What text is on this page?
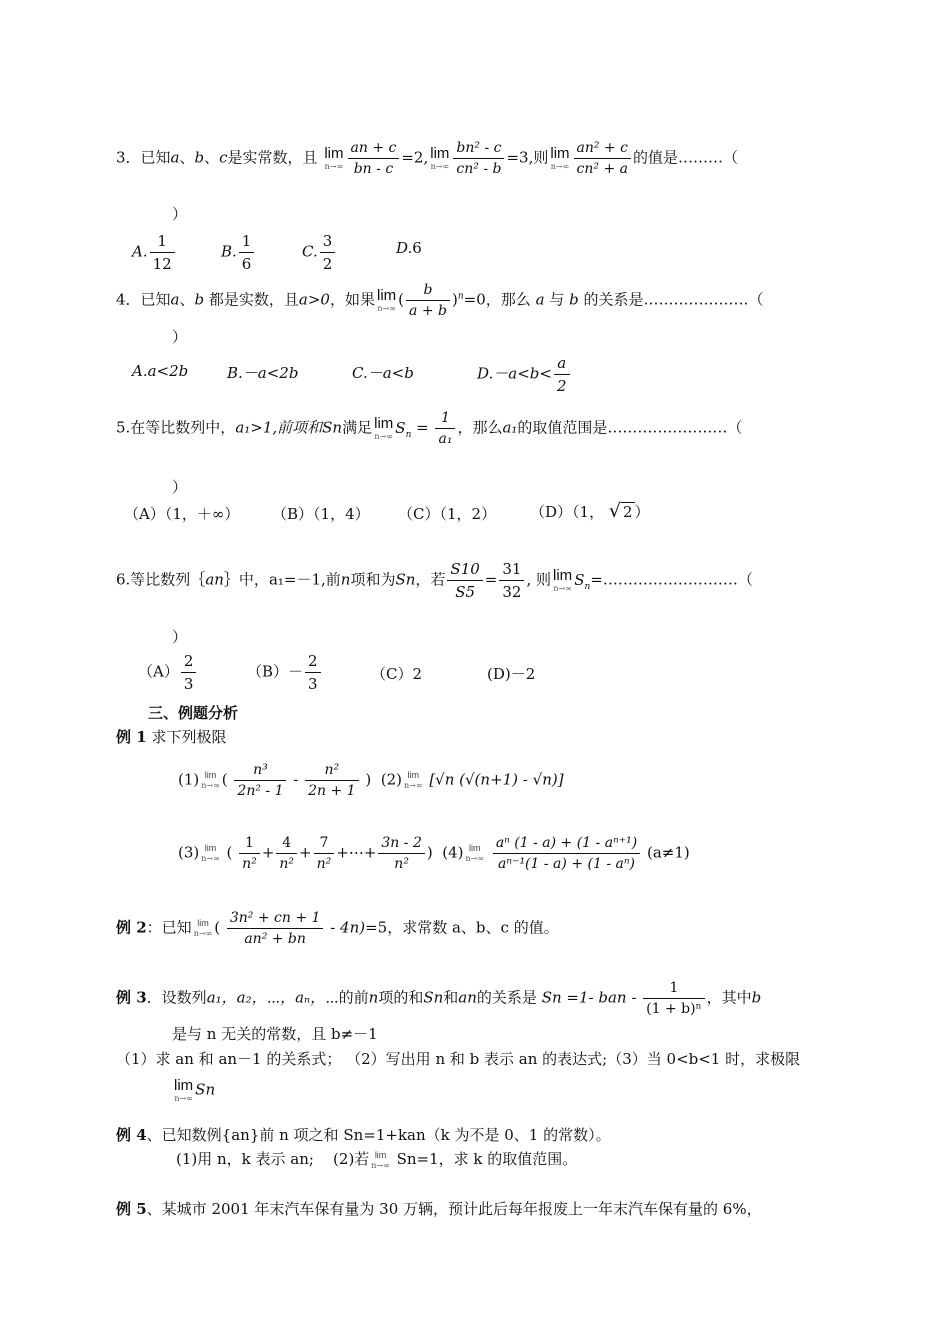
3．已知a、b、c是实常数，且 lim
$n\to\infty \frac{an + c}{bn - c} =2$, lim
$n\to\infty \frac{\text{bn² - c}}{\text{cn² - b}} =3$,则 lim
$n\to\infty \frac{\text{an² + c}}{\text{cn² + a}}$ 的值是………（
）
A. $\frac{1}{12}$	B. $\frac{1}{6}$	C. $\frac{3}{2}$	D.6
4．已知a、b 都是实数，且a>0，如果 lim
n→∞ ( $\frac{b}{a + b} )^n=0$，那么 a 与 b 的关系是…………………（
）
A.a<2b	B.－a<2b	C.－a<b	$D.-a<b< \frac{a}{2}$
5.在等比数列中，a₁>1,前项和Sn满足 lim
n→∞ $S_n = \frac{1}{\text{a₁}}$ ，那么a₁的取值范围是……………………（
）
（A）（1，＋∞） （B）（1，4） （C）（1，2） （D）（1， √ 2 ）
6.等比数列｛an｝中，a₁=－1,前n项和为Sn，若 $\frac{S10}{S5} = \frac{31}{32}$ , 则 lim
n→∞ $S_n=\dots\dots\dots\dots\dots\dots\dots\dots\dots$（
）
$(A) \frac{2}{3}$	$(B)- \frac{2}{3}$	（C）2	(D)－2
三、例题分析
例 1 求下列极限
(1) lim
n→∞ ( $\frac{\text{n³}}{\text{2n² - 1}} - \frac{\text{n²}}{2n + 1}$ )  (2) lim
n→∞ [√n (√(n+1) - √n)]
(3) lim
n→∞ ( $\frac{1}{\text{n²}} + \frac{4}{\text{n²}} + \frac{7}{\text{n²}}$ +⋯+ $\frac{3n - 2}{\text{n²}}$ )  (4) lim
n→∞
$\frac{\text{aⁿ (1 - a) + (1 - aⁿ⁺¹)}}{\text{aⁿ⁻¹(1 - a) + (1 - aⁿ)}} (a\ne 1)$
例 2：已知 lim
n→∞ ( $\frac{\text{3n² + cn + 1}}{\text{an² + bn}} - 4n)=5$，求常数 a、b、c 的值。
例 3．设数列a₁，a₂，⋯，aₙ，⋯的前n项的和Sn和an的关系是 Sn =1- ban - $\frac{1}{\text{(1 + b)ⁿ}}$ ，其中b
是与 n 无关的常数，且 b≠－1
（1）求 an 和 an－1 的关系式； （2）写出用 n 和 b 表示 an 的表达式;（3）当 0<b<1 时，求极限
lim
n→∞ Sn
例 4、已知数例{an}前 n 项之和 Sn=1+kan（k 为不是 0、1 的常数）。
(1)用 n，k 表示 an; (2)若 lim
n→∞ Sn=1，求 k 的取值范围。
例 5、某城市 2001 年末汽车保有量为 30 万辆，预计此后每年报废上一年末汽车保有量的 6%，
